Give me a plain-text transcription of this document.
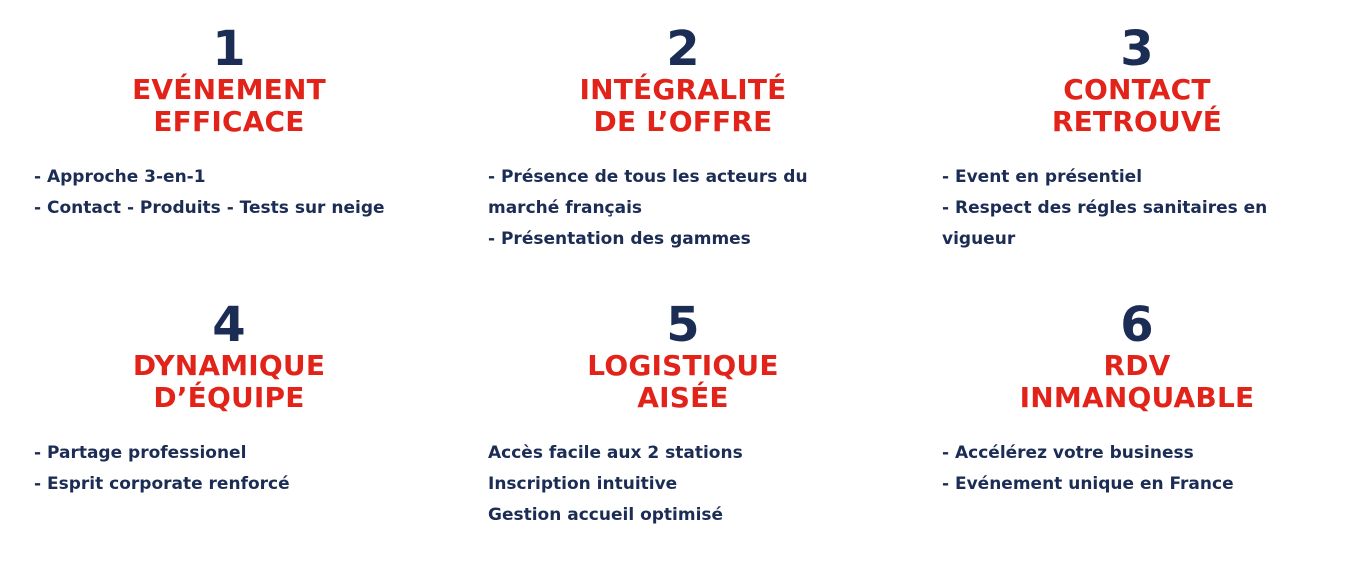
1
EVÉNEMENT
EFFICACE
- Approche 3-en-1
- Contact - Produits - Tests sur neige
2
INTÉGRALITÉ
DE L’OFFRE
- Présence de tous les acteurs du marché français
- Présentation des gammes
3
CONTACT
RETROUVÉ
- Event en présentiel
- Respect des régles sanitaires en vigueur
4
DYNAMIQUE
D’ÉQUIPE
- Partage professionel
- Esprit corporate renforcé
5
LOGISTIQUE
AISÉE
Accès facile aux 2 stations
Inscription intuitive
Gestion accueil optimisé
6
RDV
INMANQUABLE
- Accélérez votre business
- Evénement unique en France
